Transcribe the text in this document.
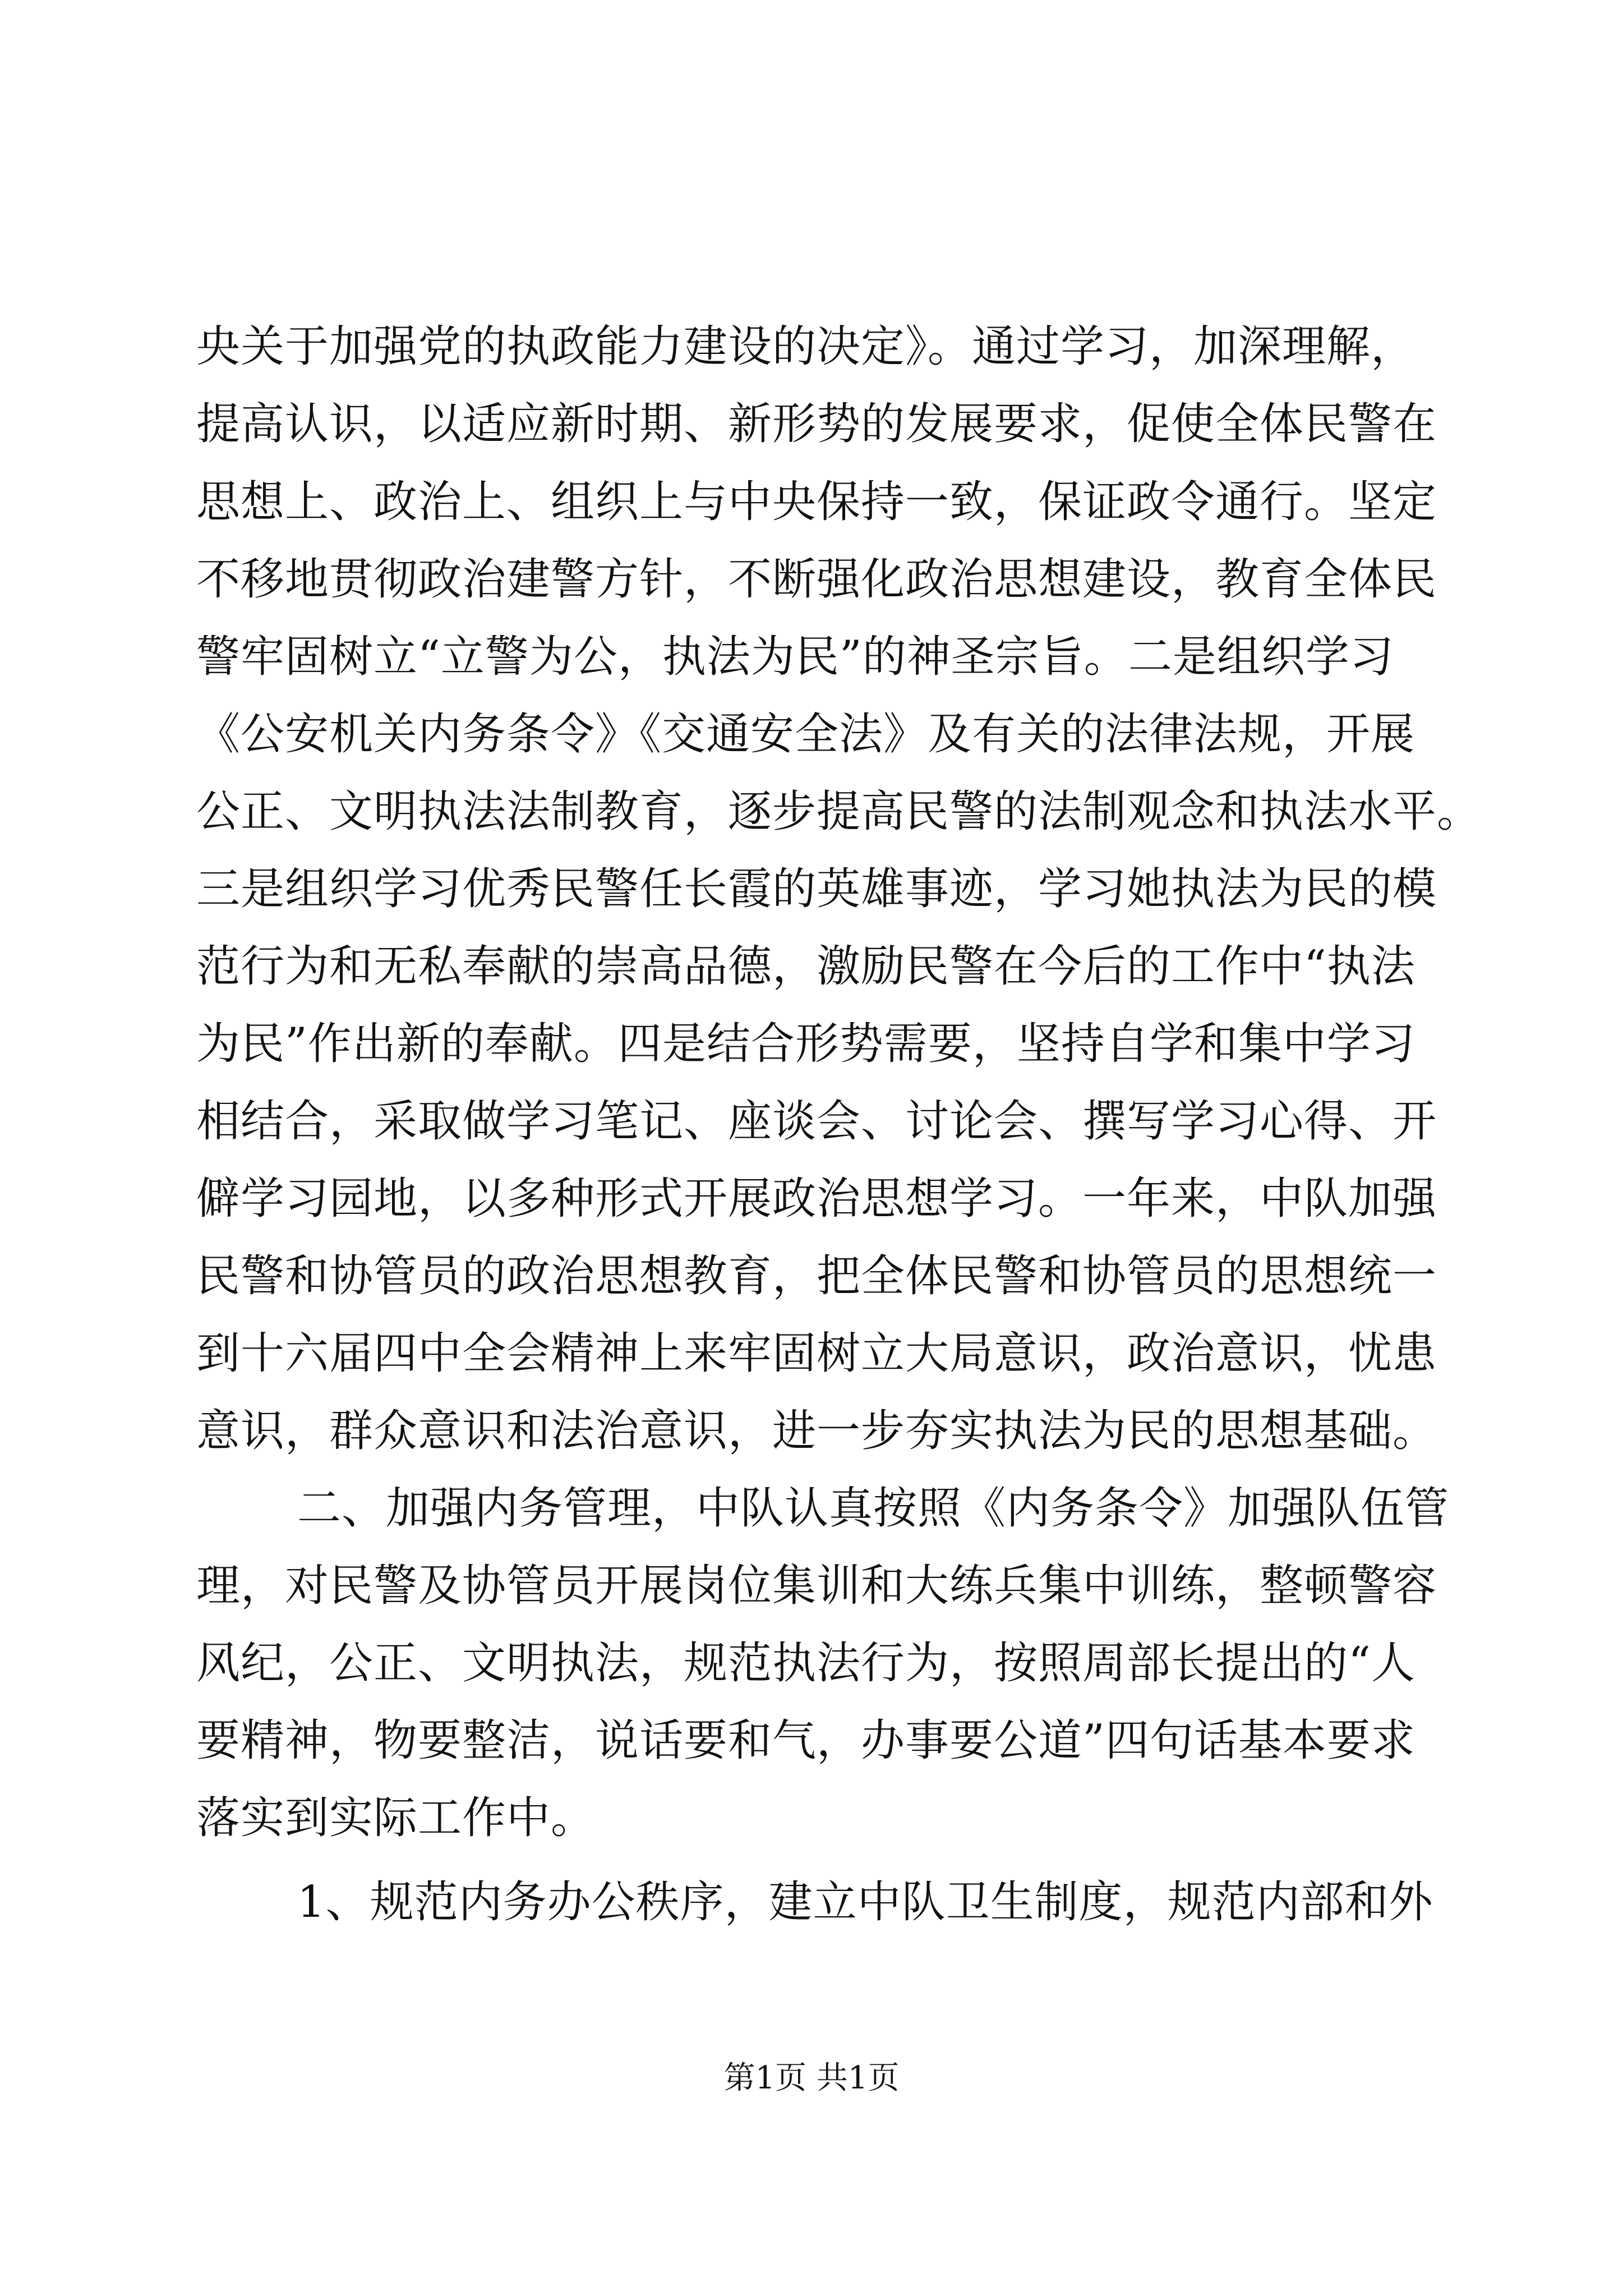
央关于加强党的执政能力建设的决定》。通过学习，加深理解，
提高认识，以适应新时期、新形势的发展要求，促使全体民警在
思想上、政治上、组织上与中央保持一致，保证政令通行。坚定
不移地贯彻政治建警方针，不断强化政治思想建设，教育全体民
警牢固树立“立警为公，执法为民”的神圣宗旨。二是组织学习
《公安机关内务条令》《交通安全法》及有关的法律法规，开展
公正、文明执法法制教育，逐步提高民警的法制观念和执法水平。
三是组织学习优秀民警任长霞的英雄事迹，学习她执法为民的模
范行为和无私奉献的崇高品德，激励民警在今后的工作中“执法
为民”作出新的奉献。四是结合形势需要，坚持自学和集中学习
相结合，采取做学习笔记、座谈会、讨论会、撰写学习心得、开
僻学习园地，以多种形式开展政治思想学习。一年来，中队加强
民警和协管员的政治思想教育，把全体民警和协管员的思想统一
到十六届四中全会精神上来牢固树立大局意识，政治意识，忧患
意识，群众意识和法治意识，进一步夯实执法为民的思想基础。
二、加强内务管理，中队认真按照《内务条令》加强队伍管
理，对民警及协管员开展岗位集训和大练兵集中训练，整顿警容
风纪，公正、文明执法，规范执法行为，按照周部长提出的“人
要精神，物要整洁，说话要和气，办事要公道”四句话基本要求
落实到实际工作中。
1、规范内务办公秩序，建立中队卫生制度，规范内部和外
第1页 共1页
